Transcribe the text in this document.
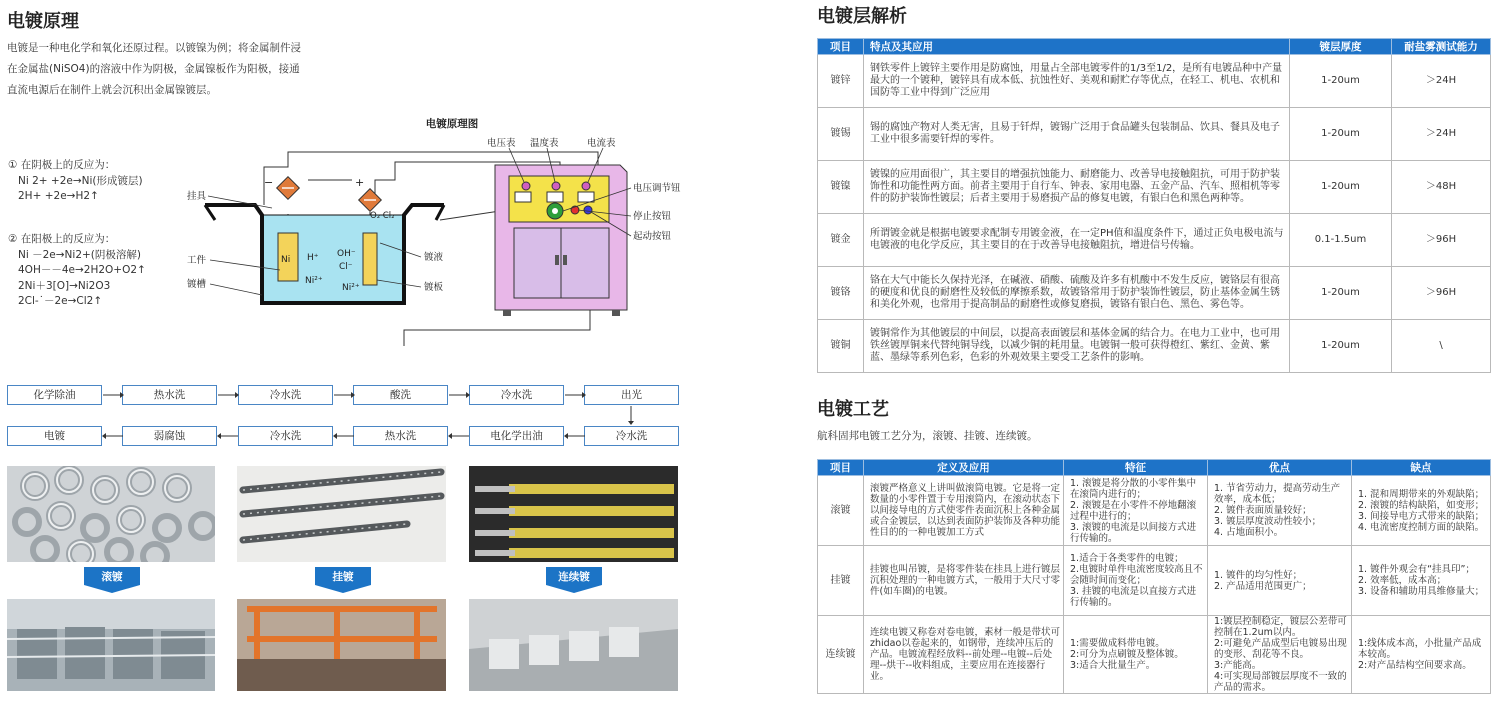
电镀原理
电镀是一种电化学和氧化还原过程。以镀镍为例；将金属制件浸
在金属盐(NiSO4)的溶液中作为阴极，金属镍板作为阳极，接通
直流电源后在制件上就会沉积出金属镍镀层。
电镀原理图
−	+
Ni H⁺
Ni²⁺
O₂ Cl₂
OH⁻
Cl⁻
Ni²⁺
挂具
工件
镀槽
镀液
镀板
电压表 温度表	电流表
电压调节钮
停止按钮
起动按钮
① 在阴极上的反应为：
Ni 2+ +2e→Ni(形成镀层)
2H+ +2e→H2↑
② 在阳极上的反应为：
Ni －2e→Ni2+(阴极溶解)
4OH－－4e→2H2O+O2↑
2Ni＋3[O]→Ni2O3
2Cl-˙－2e→Cl2↑
化学除油	热水洗	冷水洗	酸洗	冷水洗	出光
电镀	弱腐蚀	冷水洗	热水洗	电化学出油	冷水洗
滚镀	挂镀	连续镀
电镀层解析
项目	特点及其应用	镀层厚度	耐盐雾测试能力
镀锌	钢铁零件上镀锌主要作用是防腐蚀，用量占全部电镀零件的1/3至1/2，是所有电镀品种中产量最大的一个镀种，镀锌具有成本低、抗蚀性好、美观和耐贮存等优点，在轻工、机电、农机和国防等工业中得到广泛应用	1-20um	＞24H
镀锡	锡的腐蚀产物对人类无害，且易于钎焊，镀锡广泛用于食品罐头包装制品、饮具、餐具及电子工业中很多需要钎焊的零件。	1-20um	＞24H
镀镍	镀镍的应用面很广，其主要目的增强抗蚀能力、耐磨能力、改善导电接触阻抗，可用于防护装饰性和功能性两方面。前者主要用于自行车、钟表、家用电器、五金产品、汽车、照相机等零件的防护装饰性镀层；后者主要用于易磨损产品的修复电镀，有银白色和黑色两种等。	1-20um	＞48H
镀金	所谓镀金就是根据电镀要求配制专用镀金液，在一定PH值和温度条件下，通过正负电极电流与电镀液的电化学反应，其主要目的在于改善导电接触阻抗，增进信号传输。	0.1-1.5um	＞96H
镀铬	铬在大气中能长久保持光泽，在碱液、硝酸、硫酸及许多有机酸中不发生反应，镀铬层有很高的硬度和优良的耐磨性及较低的摩擦系数，故镀铬常用于防护装饰性镀层，防止基体金属生锈和美化外观，也常用于提高制品的耐磨性或修复磨损，镀铬有银白色、黑色、雾色等。	1-20um	＞96H
镀铜	镀铜常作为其他镀层的中间层，以提高表面镀层和基体金属的结合力。在电力工业中，也可用铁丝镀厚铜来代替纯铜导线，以减少铜的耗用量。电镀铜一般可获得橙红、紫红、金黄、紫蓝、墨绿等系列色彩，色彩的外观效果主要受工艺条件的影响。	1-20um	\
电镀工艺
航科固邦电镀工艺分为，滚镀、挂镀、连续镀。
项目	定义及应用	特征	优点	缺点
滚镀	滚镀严格意义上讲叫做滚筒电镀。它是将一定数量的小零件置于专用滚筒内，在滚动状态下以间接导电的方式使零件表面沉积上各种金属或合金镀层，以达到表面防护装饰及各种功能性目的的一种电镀加工方式	1. 滚镀是将分散的小零件集中在滚筒内进行的；
2. 滚镀是在小零件不停地翻滚过程中进行的；
3. 滚镀的电流是以间接方式进行传输的。	1. 节省劳动力，提高劳动生产效率，成本低；
2. 镀件表面质量较好；
3. 镀层厚度波动性较小；
4. 占地面积小。	1. 混和周期带来的外观缺陷；
2. 滚镀的结构缺陷，如变形；
3. 间接导电方式带来的缺陷；
4. 电流密度控制方面的缺陷。
挂镀	挂镀也叫吊镀，是将零件装在挂具上进行镀层沉积处理的一种电镀方式，一般用于大尺寸零件(如车圈)的电镀。	1.适合于各类零件的电镀；
2.电镀时单件电流密度较高且不会随时间而变化；
3. 挂镀的电流是以直接方式进行传输的。	1. 镀件的均匀性好；
2. 产品适用范围更广；	1. 镀件外观会有“挂具印”；
2. 效率低，成本高；
3. 设备和辅助用具维修量大；
连续镀	连续电镀又称卷对卷电镀，素材一般是带状可zhidao以卷起来的，如钢带，连续冲压后的产品。电镀流程经放料--前处理--电镀--后处理--烘干--收料组成，主要应用在连接器行业。	1:需要做成料带电镀。
2:可分为点刷镀及整体镀。
3:适合大批量生产。	1:镀层控制稳定，镀层公差带可控制在1.2um以内。
2:可避免产品成型后电镀易出现的变形、刮花等不良。
3:产能高。
4:可实现局部镀层厚度不一致的产品的需求。	1:线体成本高，小批量产品成本较高。
2:对产品结构空间要求高。
